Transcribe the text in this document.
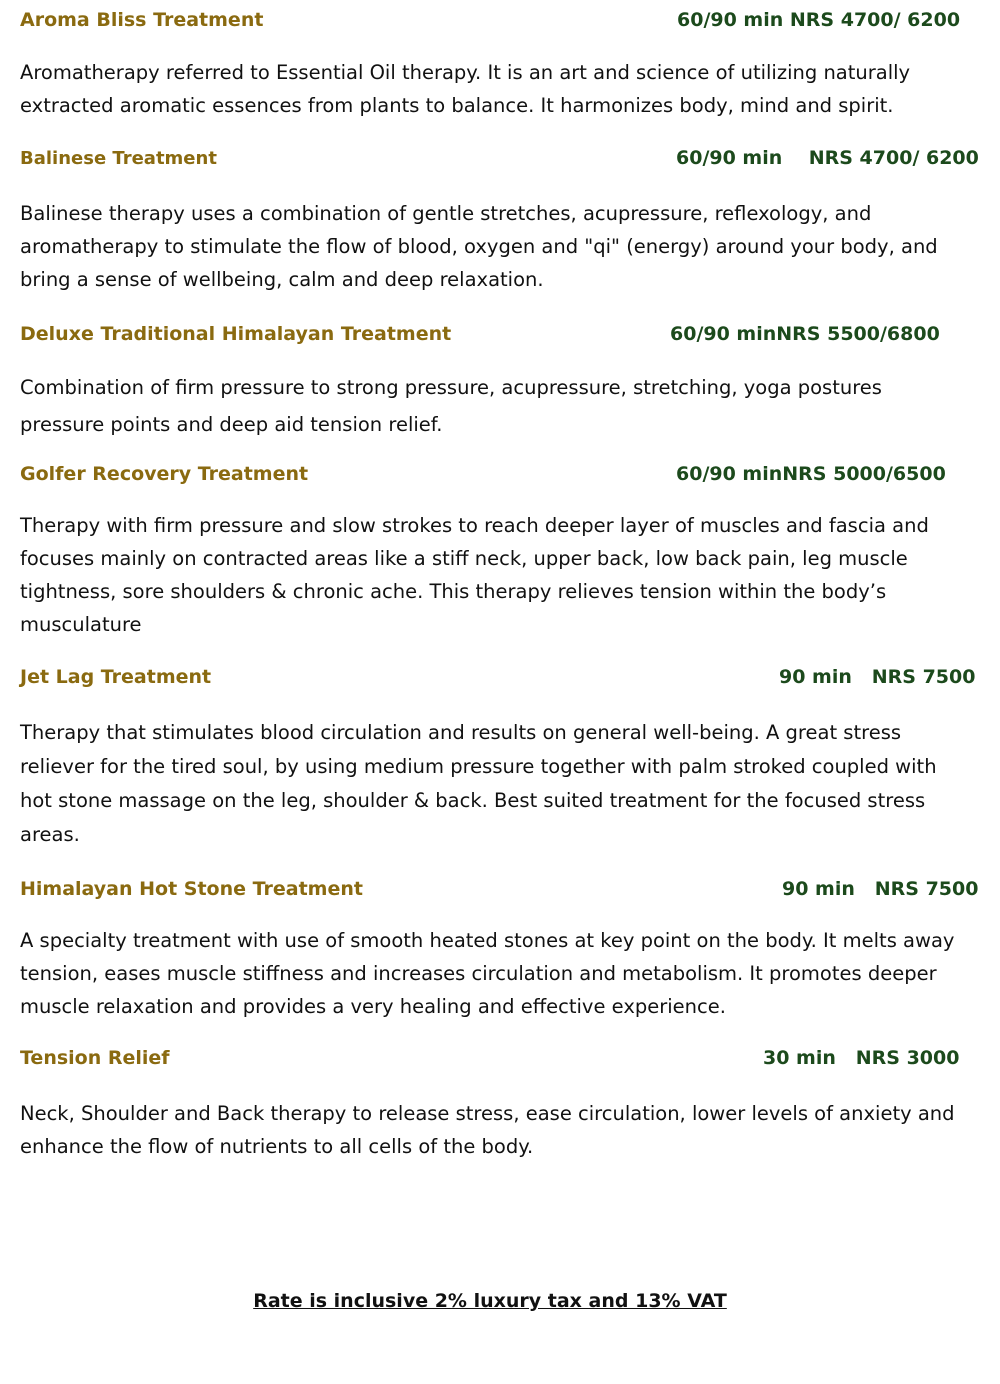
Aroma Bliss Treatment	60/90 min NRS 4700/ 6200

Aromatherapy referred to Essential Oil therapy. It is an art and science of utilizing naturally extracted aromatic essences from plants to balance. It harmonizes body, mind and spirit.

Balinese Treatment	60/90 min    NRS 4700/ 6200

Balinese therapy uses a combination of gentle stretches, acupressure, reflexology, and aromatherapy to stimulate the flow of blood, oxygen and "qi" (energy) around your body, and bring a sense of wellbeing, calm and deep relaxation.

Deluxe Traditional Himalayan Treatment	60/90 minNRS 5500/6800

Combination of firm pressure to strong pressure, acupressure, stretching, yoga postures pressure points and deep aid tension relief.

Golfer Recovery Treatment	60/90 minNRS 5000/6500

Therapy with firm pressure and slow strokes to reach deeper layer of muscles and fascia and focuses mainly on contracted areas like a stiff neck, upper back, low back pain, leg muscle tightness, sore shoulders & chronic ache. This therapy relieves tension within the body’s musculature

Jet Lag Treatment	90 min   NRS 7500

Therapy that stimulates blood circulation and results on general well-being. A great stress reliever for the tired soul, by using medium pressure together with palm stroked coupled with hot stone massage on the leg, shoulder & back. Best suited treatment for the focused stress areas.

Himalayan Hot Stone Treatment	90 min   NRS 7500

A specialty treatment with use of smooth heated stones at key point on the body. It melts away tension, eases muscle stiffness and increases circulation and metabolism. It promotes deeper muscle relaxation and provides a very healing and effective experience.

Tension Relief	30 min   NRS 3000

Neck, Shoulder and Back therapy to release stress, ease circulation, lower levels of anxiety and enhance the flow of nutrients to all cells of the body.

Rate is inclusive 2% luxury tax and 13% VAT
